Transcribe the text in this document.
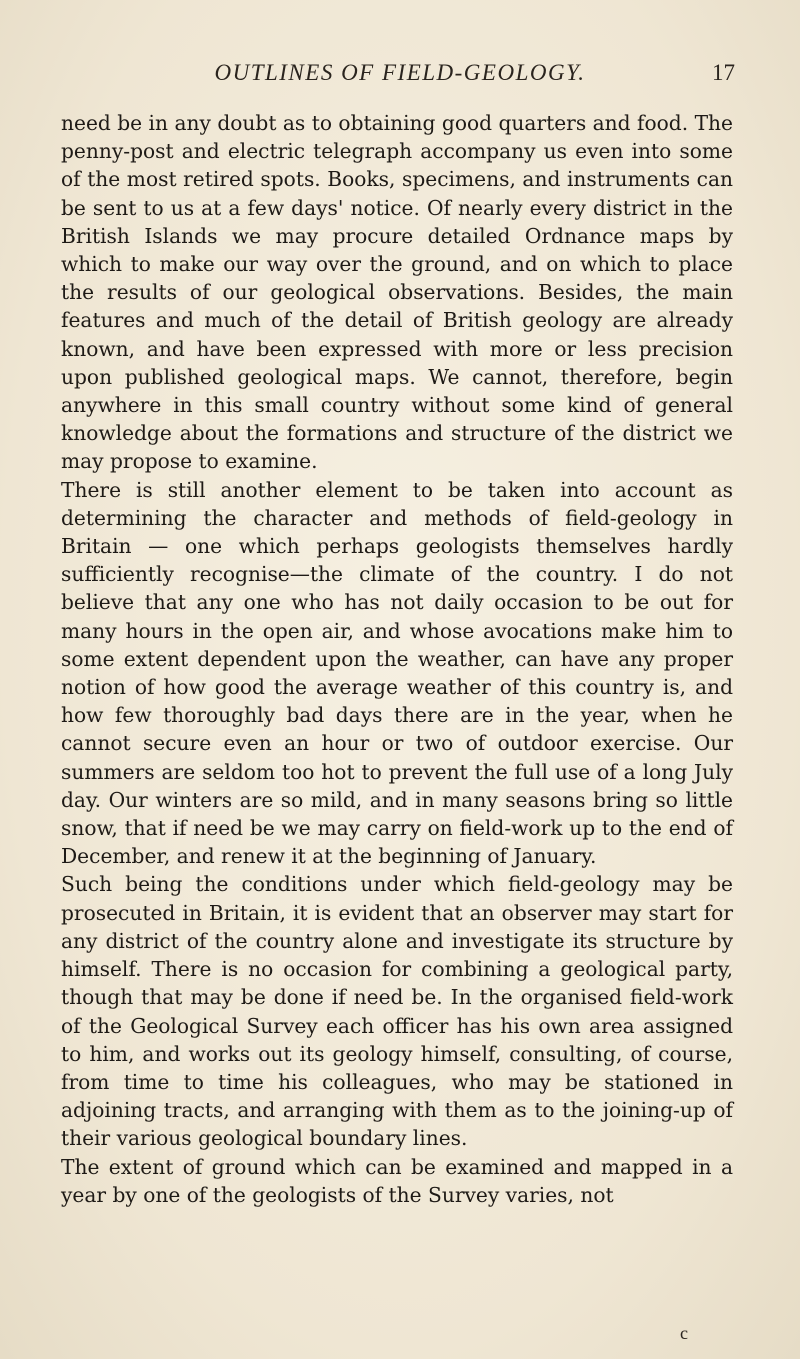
OUTLINES OF FIELD-GEOLOGY.	17

need be in any doubt as to obtaining good quarters and food. The penny-post and electric telegraph accompany us even into some of the most retired spots. Books, specimens, and instruments can be sent to us at a few days' notice. Of nearly every district in the British Islands we may procure detailed Ordnance maps by which to make our way over the ground, and on which to place the results of our geological observations. Besides, the main features and much of the detail of British geology are already known, and have been expressed with more or less precision upon published geological maps. We cannot, therefore, begin anywhere in this small country without some kind of general knowledge about the formations and structure of the district we may propose to examine.

There is still another element to be taken into account as determining the character and methods of field-geology in Britain — one which perhaps geologists themselves hardly sufficiently recognise—the climate of the country. I do not believe that any one who has not daily occasion to be out for many hours in the open air, and whose avocations make him to some extent dependent upon the weather, can have any proper notion of how good the average weather of this country is, and how few thoroughly bad days there are in the year, when he cannot secure even an hour or two of outdoor exercise. Our summers are seldom too hot to prevent the full use of a long July day. Our winters are so mild, and in many seasons bring so little snow, that if need be we may carry on field-work up to the end of December, and renew it at the beginning of January.

Such being the conditions under which field-geology may be prosecuted in Britain, it is evident that an observer may start for any district of the country alone and investigate its structure by himself. There is no occasion for combining a geological party, though that may be done if need be. In the organised field-work of the Geological Survey each officer has his own area assigned to him, and works out its geology himself, consulting, of course, from time to time his colleagues, who may be stationed in adjoining tracts, and arranging with them as to the joining-up of their various geological boundary lines.

The extent of ground which can be examined and mapped in a year by one of the geologists of the Survey varies, not

c
